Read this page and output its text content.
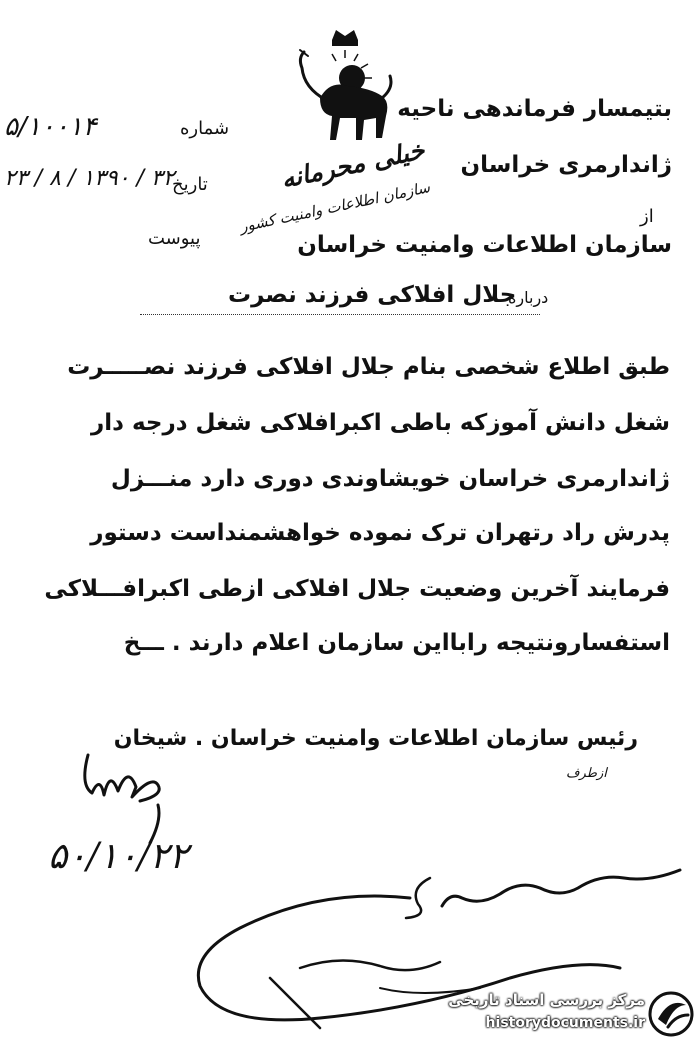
شماره
۵/۱۰۰۱۴
تاریخ
۲۳ / ۸ / ۱۳۹۰ / ۳۲
پیوست
بتیمسار فرماندهی ناحیه
ژاندارمری خراسان
خیلی محرمانه
سازمان اطلاعات وامنیت کشور	از
سازمان اطلاعات وامنیت خراسان
درباره
جلال افلاکی فرزند نصرت
طبق اطلاع شخصی بنام جلال افلاکی فرزند نصـــــرت
شغل دانش آموزکه باطی اکبرافلاکی شغل درجه دار
ژاندارمری خراسان خویشاوندی دوری دارد منـــزل
پدرش راد رتهران ترک نموده خواهشمنداست دستور
فرمایند آخرین وضعیت جلال افلاکی ازطی اکبرافـــلاکی
استفسارونتیجه رابااین سازمان اعلام دارند . ـــخ
رئیس سازمان اطلاعات وامنیت خراسان . شیخان
ازطرف
۵۰/۱۰/۲۲
مرکز بررسی اسناد تاریخی
historydocuments.ir
